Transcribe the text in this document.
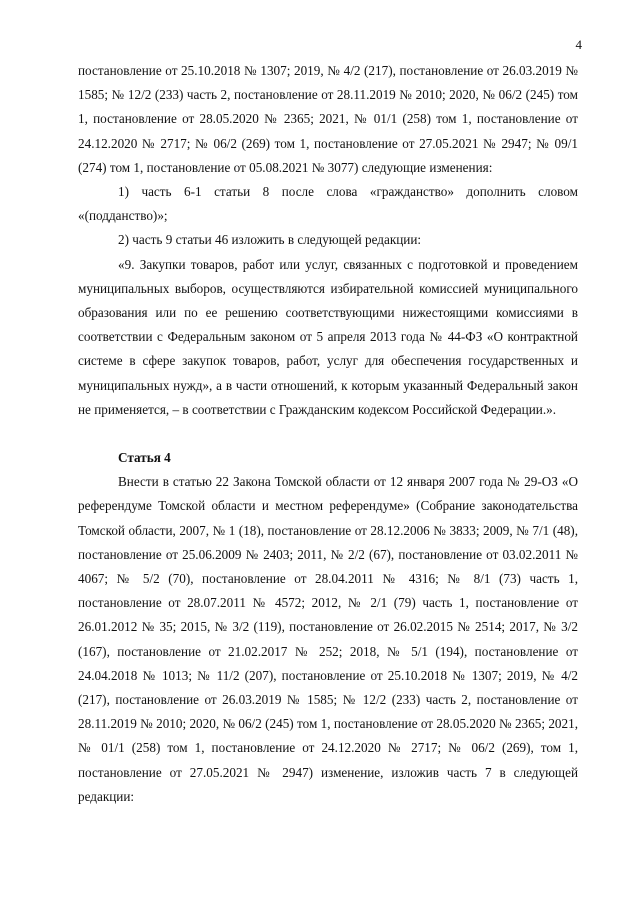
4

постановление от 25.10.2018 № 1307; 2019, № 4/2 (217), постановление от 26.03.2019 № 1585; № 12/2 (233) часть 2, постановление от 28.11.2019 № 2010; 2020, № 06/2 (245) том 1, постановление от 28.05.2020 № 2365; 2021, № 01/1 (258) том 1, постановление от 24.12.2020 № 2717; № 06/2 (269) том 1, постановление от 27.05.2021 № 2947; № 09/1 (274) том 1, постановление от 05.08.2021 № 3077) следующие изменения:

1) часть 6-1 статьи 8 после слова «гражданство» дополнить словом «(подданство)»;

2) часть 9 статьи 46 изложить в следующей редакции:

«9. Закупки товаров, работ или услуг, связанных с подготовкой и проведением муниципальных выборов, осуществляются избирательной комиссией муниципального образования или по ее решению соответствующими нижестоящими комиссиями в соответствии с Федеральным законом от 5 апреля 2013 года № 44-ФЗ «О контрактной системе в сфере закупок товаров, работ, услуг для обеспечения государственных и муниципальных нужд», а в части отношений, к которым указанный Федеральный закон не применяется, – в соответствии с Гражданским кодексом Российской Федерации.».

Статья 4

Внести в статью 22 Закона Томской области от 12 января 2007 года № 29-ОЗ «О референдуме Томской области и местном референдуме» (Собрание законодательства Томской области, 2007, № 1 (18), постановление от 28.12.2006 № 3833; 2009, № 7/1 (48), постановление от 25.06.2009 № 2403; 2011, № 2/2 (67), постановление от 03.02.2011 № 4067; № 5/2 (70), постановление от 28.04.2011 № 4316; № 8/1 (73) часть 1, постановление от 28.07.2011 № 4572; 2012, № 2/1 (79) часть 1, постановление от 26.01.2012 № 35; 2015, № 3/2 (119), постановление от 26.02.2015 № 2514; 2017, № 3/2 (167), постановление от 21.02.2017 № 252; 2018, № 5/1 (194), постановление от 24.04.2018 № 1013; № 11/2 (207), постановление от 25.10.2018 № 1307; 2019, № 4/2 (217), постановление от 26.03.2019 № 1585; № 12/2 (233) часть 2, постановление от 28.11.2019 № 2010; 2020, № 06/2 (245) том 1, постановление от 28.05.2020 № 2365; 2021, № 01/1 (258) том 1, постановление от 24.12.2020 № 2717; № 06/2 (269), том 1, постановление от 27.05.2021 № 2947) изменение, изложив часть 7 в следующей редакции:
